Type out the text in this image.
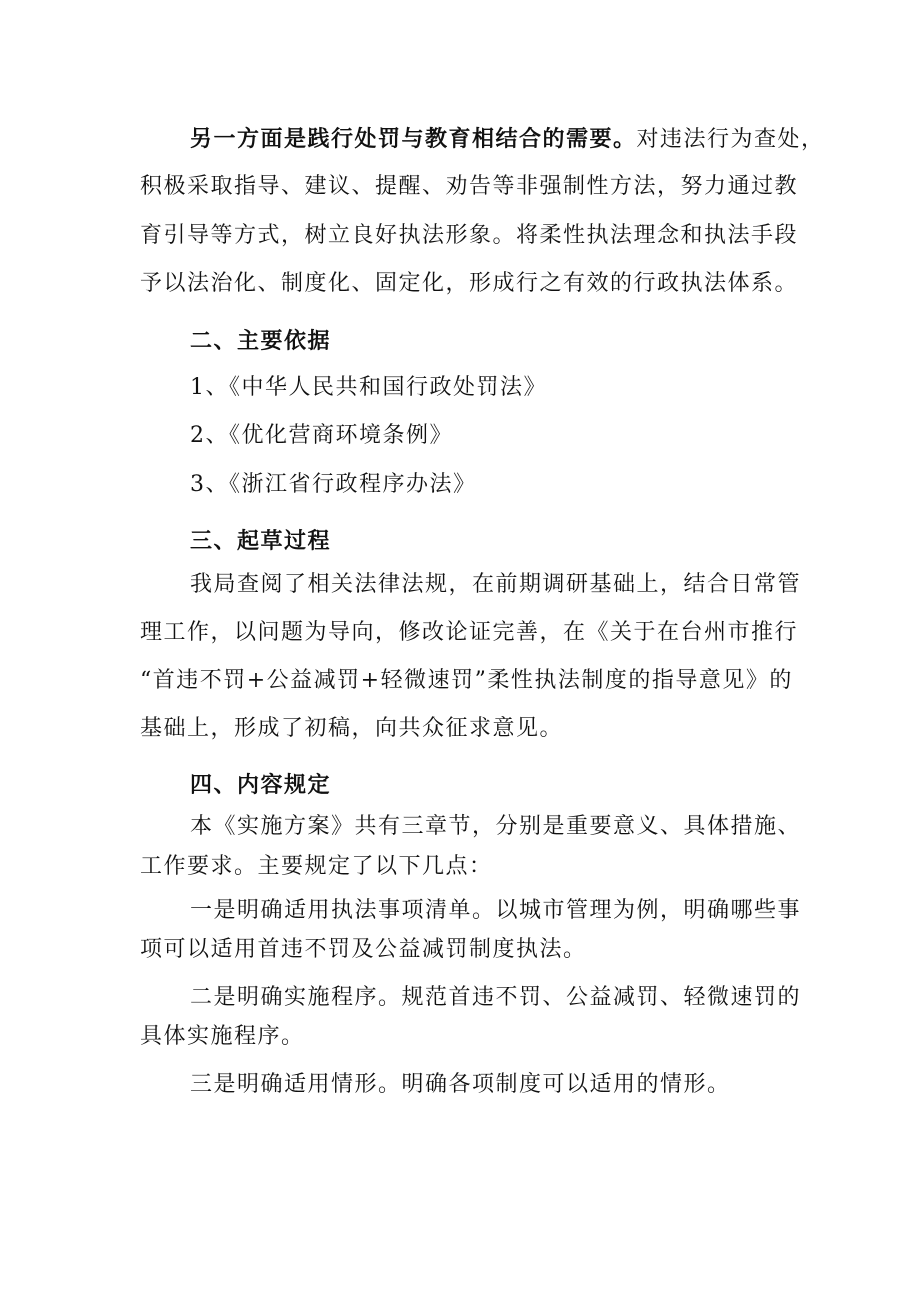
另一方面是践行处罚与教育相结合的需要。对违法行为查处，
积极采取指导、建议、提醒、劝告等非强制性方法，努力通过教
育引导等方式，树立良好执法形象。将柔性执法理念和执法手段
予以法治化、制度化、固定化，形成行之有效的行政执法体系。
二、主要依据
1、《中华人民共和国行政处罚法》
2、《优化营商环境条例》
3、《浙江省行政程序办法》
三、起草过程
我局查阅了相关法律法规，在前期调研基础上，结合日常管
理工作，以问题为导向，修改论证完善，在《关于在台州市推行
“首违不罚+公益减罚+轻微速罚”柔性执法制度的指导意见》的
基础上，形成了初稿，向共众征求意见。
四、内容规定
本《实施方案》共有三章节，分别是重要意义、具体措施、
工作要求。主要规定了以下几点：
一是明确适用执法事项清单。以城市管理为例，明确哪些事
项可以适用首违不罚及公益减罚制度执法。
二是明确实施程序。规范首违不罚、公益减罚、轻微速罚的
具体实施程序。
三是明确适用情形。明确各项制度可以适用的情形。
